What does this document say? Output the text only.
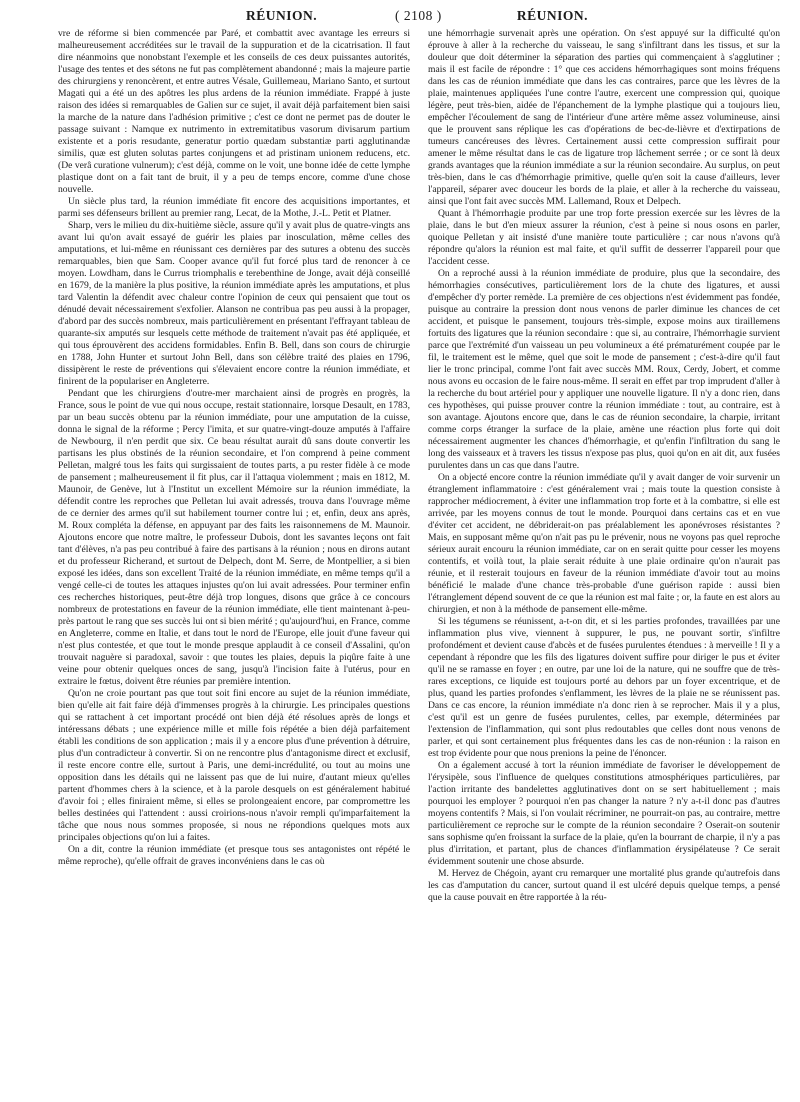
RÉUNION.	( 2108 )	RÉUNION.

vre de réforme si bien commencée par Paré, et combattit avec avantage les erreurs si malheureusement accréditées sur le travail de la suppuration et de la cicatrisation. Il faut dire néanmoins que nonobstant l'exemple et les conseils de ces deux puissantes autorités, l'usage des tentes et des sétons ne fut pas complètement abandonné ; mais la majeure partie des chirurgiens y renoncèrent, et entre autres Vésale, Guillemeau, Mariano Santo, et surtout Magati qui a été un des apôtres les plus ardens de la réunion immédiate. Frappé à juste raison des idées si remarquables de Galien sur ce sujet, il avait déjà parfaitement bien saisi la marche de la nature dans l'adhésion primitive ; c'est ce dont ne permet pas de douter le passage suivant : Namque ex nutrimento in extremitatibus vasorum divisarum partium existente et a poris resudante, generatur portio quædam substantiæ parti agglutinandæ similis, quæ est gluten solutas partes conjungens et ad pristinam unionem reducens, etc. (De verâ curatione vulnerum); c'est déjà, comme on le voit, une bonne idée de cette lymphe plastique dont on a fait tant de bruit, il y a peu de temps encore, comme d'une chose nouvelle.

Un siècle plus tard, la réunion immédiate fit encore des acquisitions importantes, et parmi ses défenseurs brillent au premier rang, Lecat, de la Mothe, J.-L. Petit et Platner.

Sharp, vers le milieu du dix-huitième siècle, assure qu'il y avait plus de quatre-vingts ans avant lui qu'on avait essayé de guérir les plaies par inosculation, même celles des amputations, et lui-même en réunissant ces dernières par des sutures a obtenu des succès remarquables, bien que Sam. Cooper avance qu'il fut forcé plus tard de renoncer à ce moyen. Lowdham, dans le Currus triomphalis e terebenthine de Jonge, avait déjà conseillé en 1679, de la manière la plus positive, la réunion immédiate après les amputations, et plus tard Valentin la défendit avec chaleur contre l'opinion de ceux qui pensaient que tout os dénudé devait nécessairement s'exfolier. Alanson ne contribua pas peu aussi à la propager, d'abord par des succès nombreux, mais particulièrement en présentant l'effrayant tableau de quarante-six amputés sur lesquels cette méthode de traitement n'avait pas été appliquée, et qui tous éprouvèrent des accidens formidables. Enfin B. Bell, dans son cours de chirurgie en 1788, John Hunter et surtout John Bell, dans son célèbre traité des plaies en 1796, dissipèrent le reste de préventions qui s'élevaient encore contre la réunion immédiate, et finirent de la populariser en Angleterre.

Pendant que les chirurgiens d'outre-mer marchaient ainsi de progrès en progrès, la France, sous le point de vue qui nous occupe, restait stationnaire, lorsque Desault, en 1783, par un beau succès obtenu par la réunion immédiate, pour une amputation de la cuisse, donna le signal de la réforme ; Percy l'imita, et sur quatre-vingt-douze amputés à l'affaire de Newbourg, il n'en perdit que six. Ce beau résultat aurait dû sans doute convertir les partisans les plus obstinés de la réunion secondaire, et l'on comprend à peine comment Pelletan, malgré tous les faits qui surgissaient de toutes parts, a pu rester fidèle à ce mode de pansement ; malheureusement il fit plus, car il l'attaqua violemment ; mais en 1812, M. Maunoir, de Genève, lut à l'Institut un excellent Mémoire sur la réunion immédiate, la défendit contre les reproches que Pelletan lui avait adressés, trouva dans l'ouvrage même de ce dernier des armes qu'il sut habilement tourner contre lui ; et, enfin, deux ans après, M. Roux compléta la défense, en appuyant par des faits les raisonnemens de M. Maunoir. Ajoutons encore que notre maître, le professeur Dubois, dont les savantes leçons ont fait tant d'élèves, n'a pas peu contribué à faire des partisans à la réunion ; nous en dirons autant et du professeur Richerand, et surtout de Delpech, dont M. Serre, de Montpellier, a si bien exposé les idées, dans son excellent Traité de la réunion immédiate, en même temps qu'il a vengé celle-ci de toutes les attaques injustes qu'on lui avait adressées. Pour terminer enfin ces recherches historiques, peut-être déjà trop longues, disons que grâce à ce concours nombreux de protestations en faveur de la réunion immédiate, elle tient maintenant à-peu-près partout le rang que ses succès lui ont si bien mérité ; qu'aujourd'hui, en France, comme en Angleterre, comme en Italie, et dans tout le nord de l'Europe, elle jouit d'une faveur qui n'est plus contestée, et que tout le monde presque applaudit à ce conseil d'Assalini, qu'on trouvait naguère si paradoxal, savoir : que toutes les plaies, depuis la piqûre faite à une veine pour obtenir quelques onces de sang, jusqu'à l'incision faite à l'utérus, pour en extraire le fœtus, doivent être réunies par première intention.

Qu'on ne croie pourtant pas que tout soit fini encore au sujet de la réunion immédiate, bien qu'elle ait fait faire déjà d'immenses progrès à la chirurgie. Les principales questions qui se rattachent à cet important procédé ont bien déjà été résolues après de longs et intéressans débats ; une expérience mille et mille fois répétée a bien déjà parfaitement établi les conditions de son application ; mais il y a encore plus d'une prévention à détruire, plus d'un contradicteur à convertir. Si on ne rencontre plus d'antagonisme direct et exclusif, il reste encore contre elle, surtout à Paris, une demi-incrédulité, ou tout au moins une opposition dans les détails qui ne laissent pas que de lui nuire, d'autant mieux qu'elles partent d'hommes chers à la science, et à la parole desquels on est généralement habitué d'avoir foi ; elles finiraient même, si elles se prolongeaient encore, par compromettre les belles destinées qui l'attendent : aussi croirions-nous n'avoir rempli qu'imparfaitement la tâche que nous nous sommes proposée, si nous ne répondions quelques mots aux principales objections qu'on lui a faites.

On a dit, contre la réunion immédiate (et presque tous ses antagonistes ont répété le même reproche), qu'elle offrait de graves inconvéniens dans le cas où

une hémorrhagie survenait après une opération. On s'est appuyé sur la difficulté qu'on éprouve à aller à la recherche du vaisseau, le sang s'infiltrant dans les tissus, et sur la douleur que doit déterminer la séparation des parties qui commençaient à s'agglutiner ; mais il est facile de répondre : 1° que ces accidens hémorrhagiques sont moins fréquens dans les cas de réunion immédiate que dans les cas contraires, parce que les lèvres de la plaie, maintenues appliquées l'une contre l'autre, exercent une compression qui, quoique légère, peut très-bien, aidée de l'épanchement de la lymphe plastique qui a toujours lieu, empêcher l'écoulement de sang de l'intérieur d'une artère même assez volumineuse, ainsi que le prouvent sans réplique les cas d'opérations de bec-de-lièvre et d'extirpations de tumeurs cancéreuses des lèvres. Certainement aussi cette compression suffirait pour amener le même résultat dans le cas de ligature trop lâchement serrée ; or ce sont là deux grands avantages que la réunion immédiate a sur la réunion secondaire. Au surplus, on peut très-bien, dans le cas d'hémorrhagie primitive, quelle qu'en soit la cause d'ailleurs, lever l'appareil, séparer avec douceur les bords de la plaie, et aller à la recherche du vaisseau, ainsi que l'ont fait avec succès MM. Lallemand, Roux et Delpech.

Quant à l'hémorrhagie produite par une trop forte pression exercée sur les lèvres de la plaie, dans le but d'en mieux assurer la réunion, c'est à peine si nous osons en parler, quoique Pelletan y ait insisté d'une manière toute particulière ; car nous n'avons qu'à répondre qu'alors la réunion est mal faite, et qu'il suffit de desserrer l'appareil pour que l'accident cesse.

On a reproché aussi à la réunion immédiate de produire, plus que la secondaire, des hémorrhagies consécutives, particulièrement lors de la chute des ligatures, et aussi d'empêcher d'y porter remède. La première de ces objections n'est évidemment pas fondée, puisque au contraire la pression dont nous venons de parler diminue les chances de cet accident, et puisque le pansement, toujours très-simple, expose moins aux tiraillemens fortuits des ligatures que la réunion secondaire : que si, au contraire, l'hémorrhagie survient parce que l'extrémité d'un vaisseau un peu volumineux a été prématurément coupée par le fil, le traitement est le même, quel que soit le mode de pansement ; c'est-à-dire qu'il faut lier le tronc principal, comme l'ont fait avec succès MM. Roux, Cerdy, Jobert, et comme nous avons eu occasion de le faire nous-même. Il serait en effet par trop imprudent d'aller à la recherche du bout artériel pour y appliquer une nouvelle ligature. Il n'y a donc rien, dans ces hypothèses, qui puisse prouver contre la réunion immédiate : tout, au contraire, est à son avantage. Ajoutons encore que, dans le cas de réunion secondaire, la charpie, irritant comme corps étranger la surface de la plaie, amène une réaction plus forte qui doit nécessairement augmenter les chances d'hémorrhagie, et qu'enfin l'infiltration du sang le long des vaisseaux et à travers les tissus n'expose pas plus, quoi qu'on en ait dit, aux fusées purulentes dans un cas que dans l'autre.

On a objecté encore contre la réunion immédiate qu'il y avait danger de voir survenir un étranglement inflammatoire : c'est généralement vrai ; mais toute la question consiste à rapprocher médiocrement, à éviter une inflammation trop forte et à la combattre, si elle est arrivée, par les moyens connus de tout le monde. Pourquoi dans certains cas et en vue d'éviter cet accident, ne débriderait-on pas préalablement les aponévroses résistantes ? Mais, en supposant même qu'on n'ait pas pu le prévenir, nous ne voyons pas quel reproche sérieux aurait encouru la réunion immédiate, car on en serait quitte pour cesser les moyens contentifs, et voilà tout, la plaie serait réduite à une plaie ordinaire qu'on n'aurait pas réunie, et il resterait toujours en faveur de la réunion immédiate d'avoir tout au moins bénéficié le malade d'une chance très-probable d'une guérison rapide : aussi bien l'étranglement dépend souvent de ce que la réunion est mal faite ; or, la faute en est alors au chirurgien, et non à la méthode de pansement elle-même.

Si les tégumens se réunissent, a-t-on dit, et si les parties profondes, travaillées par une inflammation plus vive, viennent à suppurer, le pus, ne pouvant sortir, s'infiltre profondément et devient cause d'abcès et de fusées purulentes étendues : à merveille ! Il y a cependant à répondre que les fils des ligatures doivent suffire pour diriger le pus et éviter qu'il ne se ramasse en foyer ; en outre, par une loi de la nature, qui ne souffre que de très-rares exceptions, ce liquide est toujours porté au dehors par un foyer excentrique, et de plus, quand les parties profondes s'enflamment, les lèvres de la plaie ne se réunissent pas. Dans ce cas encore, la réunion immédiate n'a donc rien à se reprocher. Mais il y a plus, c'est qu'il est un genre de fusées purulentes, celles, par exemple, déterminées par l'extension de l'inflammation, qui sont plus redoutables que celles dont nous venons de parler, et qui sont certainement plus fréquentes dans les cas de non-réunion : la raison en est trop évidente pour que nous prenions la peine de l'énoncer.

On a également accusé à tort la réunion immédiate de favoriser le développement de l'érysipèle, sous l'influence de quelques constitutions atmosphériques particulières, par l'action irritante des bandelettes agglutinatives dont on se sert habituellement ; mais pourquoi les employer ? pourquoi n'en pas changer la nature ? n'y a-t-il donc pas d'autres moyens contentifs ? Mais, si l'on voulait récriminer, ne pourrait-on pas, au contraire, mettre particulièrement ce reproche sur le compte de la réunion secondaire ? Oserait-on soutenir sans sophisme qu'en froissant la surface de la plaie, qu'en la bourrant de charpie, il n'y a pas plus d'irritation, et partant, plus de chances d'inflammation érysipélateuse ? Ce serait évidemment soutenir une chose absurde.

M. Hervez de Chégoin, ayant cru remarquer une mortalité plus grande qu'autrefois dans les cas d'amputation du cancer, surtout quand il est ulcéré depuis quelque temps, a pensé que la cause pouvait en être rapportée à la réu-
